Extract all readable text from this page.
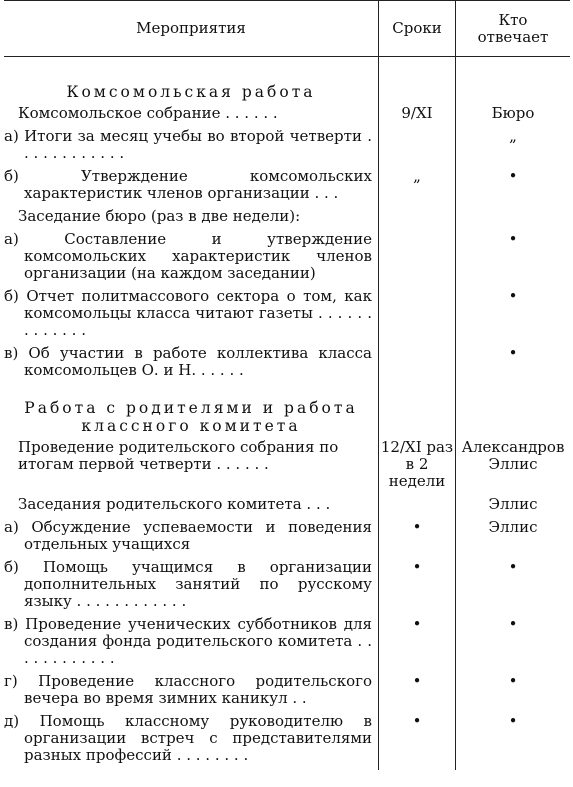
Мероприятия	Сроки	Кто отвечает
Комсомольская работа		
Комсомольское собрание . . . . . .	9/XI	Бюро

а) Итоги за месяц учебы во второй четверти . . . . . . . . . . . .		„

б) Утверждение комсомольских характеристик членов организации . . .	„	•

Заседание бюро (раз в две недели):	

а) Составление и утверждение комсомольских характеристик членов организации (на каждом заседании)		•

б) Отчет политмассового сектора о том, как комсомольцы класса читают газеты . . . . . . . . . . . . .		•

в) Об участии в работе коллектива класса комсомольцев О. и Н. . . . . .		•

Работа с родителями и работа классного комитета		
Проведение родительского собрания по итогам первой четверти . . . . . .	12/XI раз в 2 недели	Александров Эллис

Заседания родительского комитета . . .		Эллис

а) Обсуждение успеваемости и поведения отдельных учащихся	•	Эллис

б) Помощь учащимся в организации дополнительных занятий по русскому языку . . . . . . . . . . . .	•	•

в) Проведение ученических субботников для создания фонда родительского комитета . . . . . . . . . . . .	•	•

г) Проведение классного родительского вечера во время зимних каникул . .	•	•

д) Помощь классному руководителю в организации встреч с представителями разных профессий . . . . . . . .	•	•
